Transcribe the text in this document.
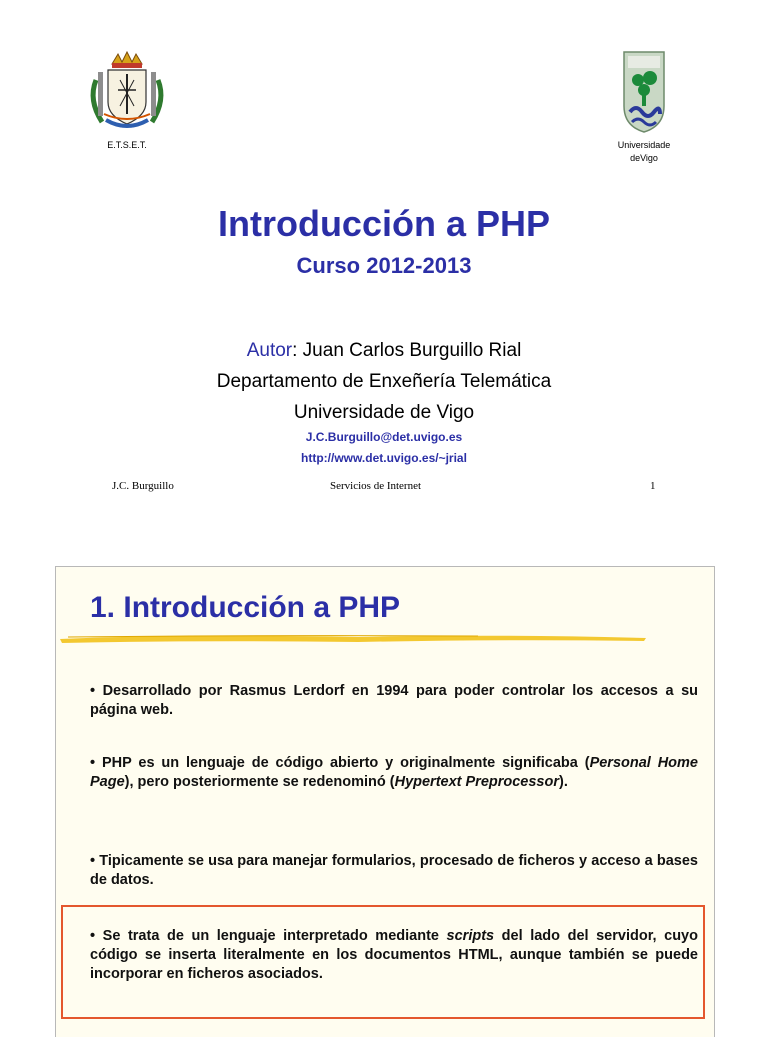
E.T.S.E.T.	Universidade
deVigo
Introducción a PHP
Curso 2012-2013
Autor: Juan Carlos Burguillo Rial
Departamento de Enxeñería Telemática
Universidade de Vigo
J.C.Burguillo@det.uvigo.es
http://www.det.uvigo.es/~jrial
J.C. Burguillo	Servicios de Internet	1
1. Introducción a PHP
• Desarrollado por Rasmus Lerdorf en 1994 para poder controlar los accesos a su página web.
• PHP es un lenguaje de código abierto y originalmente significaba (Personal Home Page), pero posteriormente se redenominó (Hypertext Preprocessor).
• Tipicamente se usa para manejar formularios, procesado de ficheros y acceso a bases de datos.
• Se trata de un lenguaje interpretado mediante scripts del lado del servidor, cuyo código se inserta literalmente en los documentos HTML, aunque también se puede incorporar en ficheros asociados.
